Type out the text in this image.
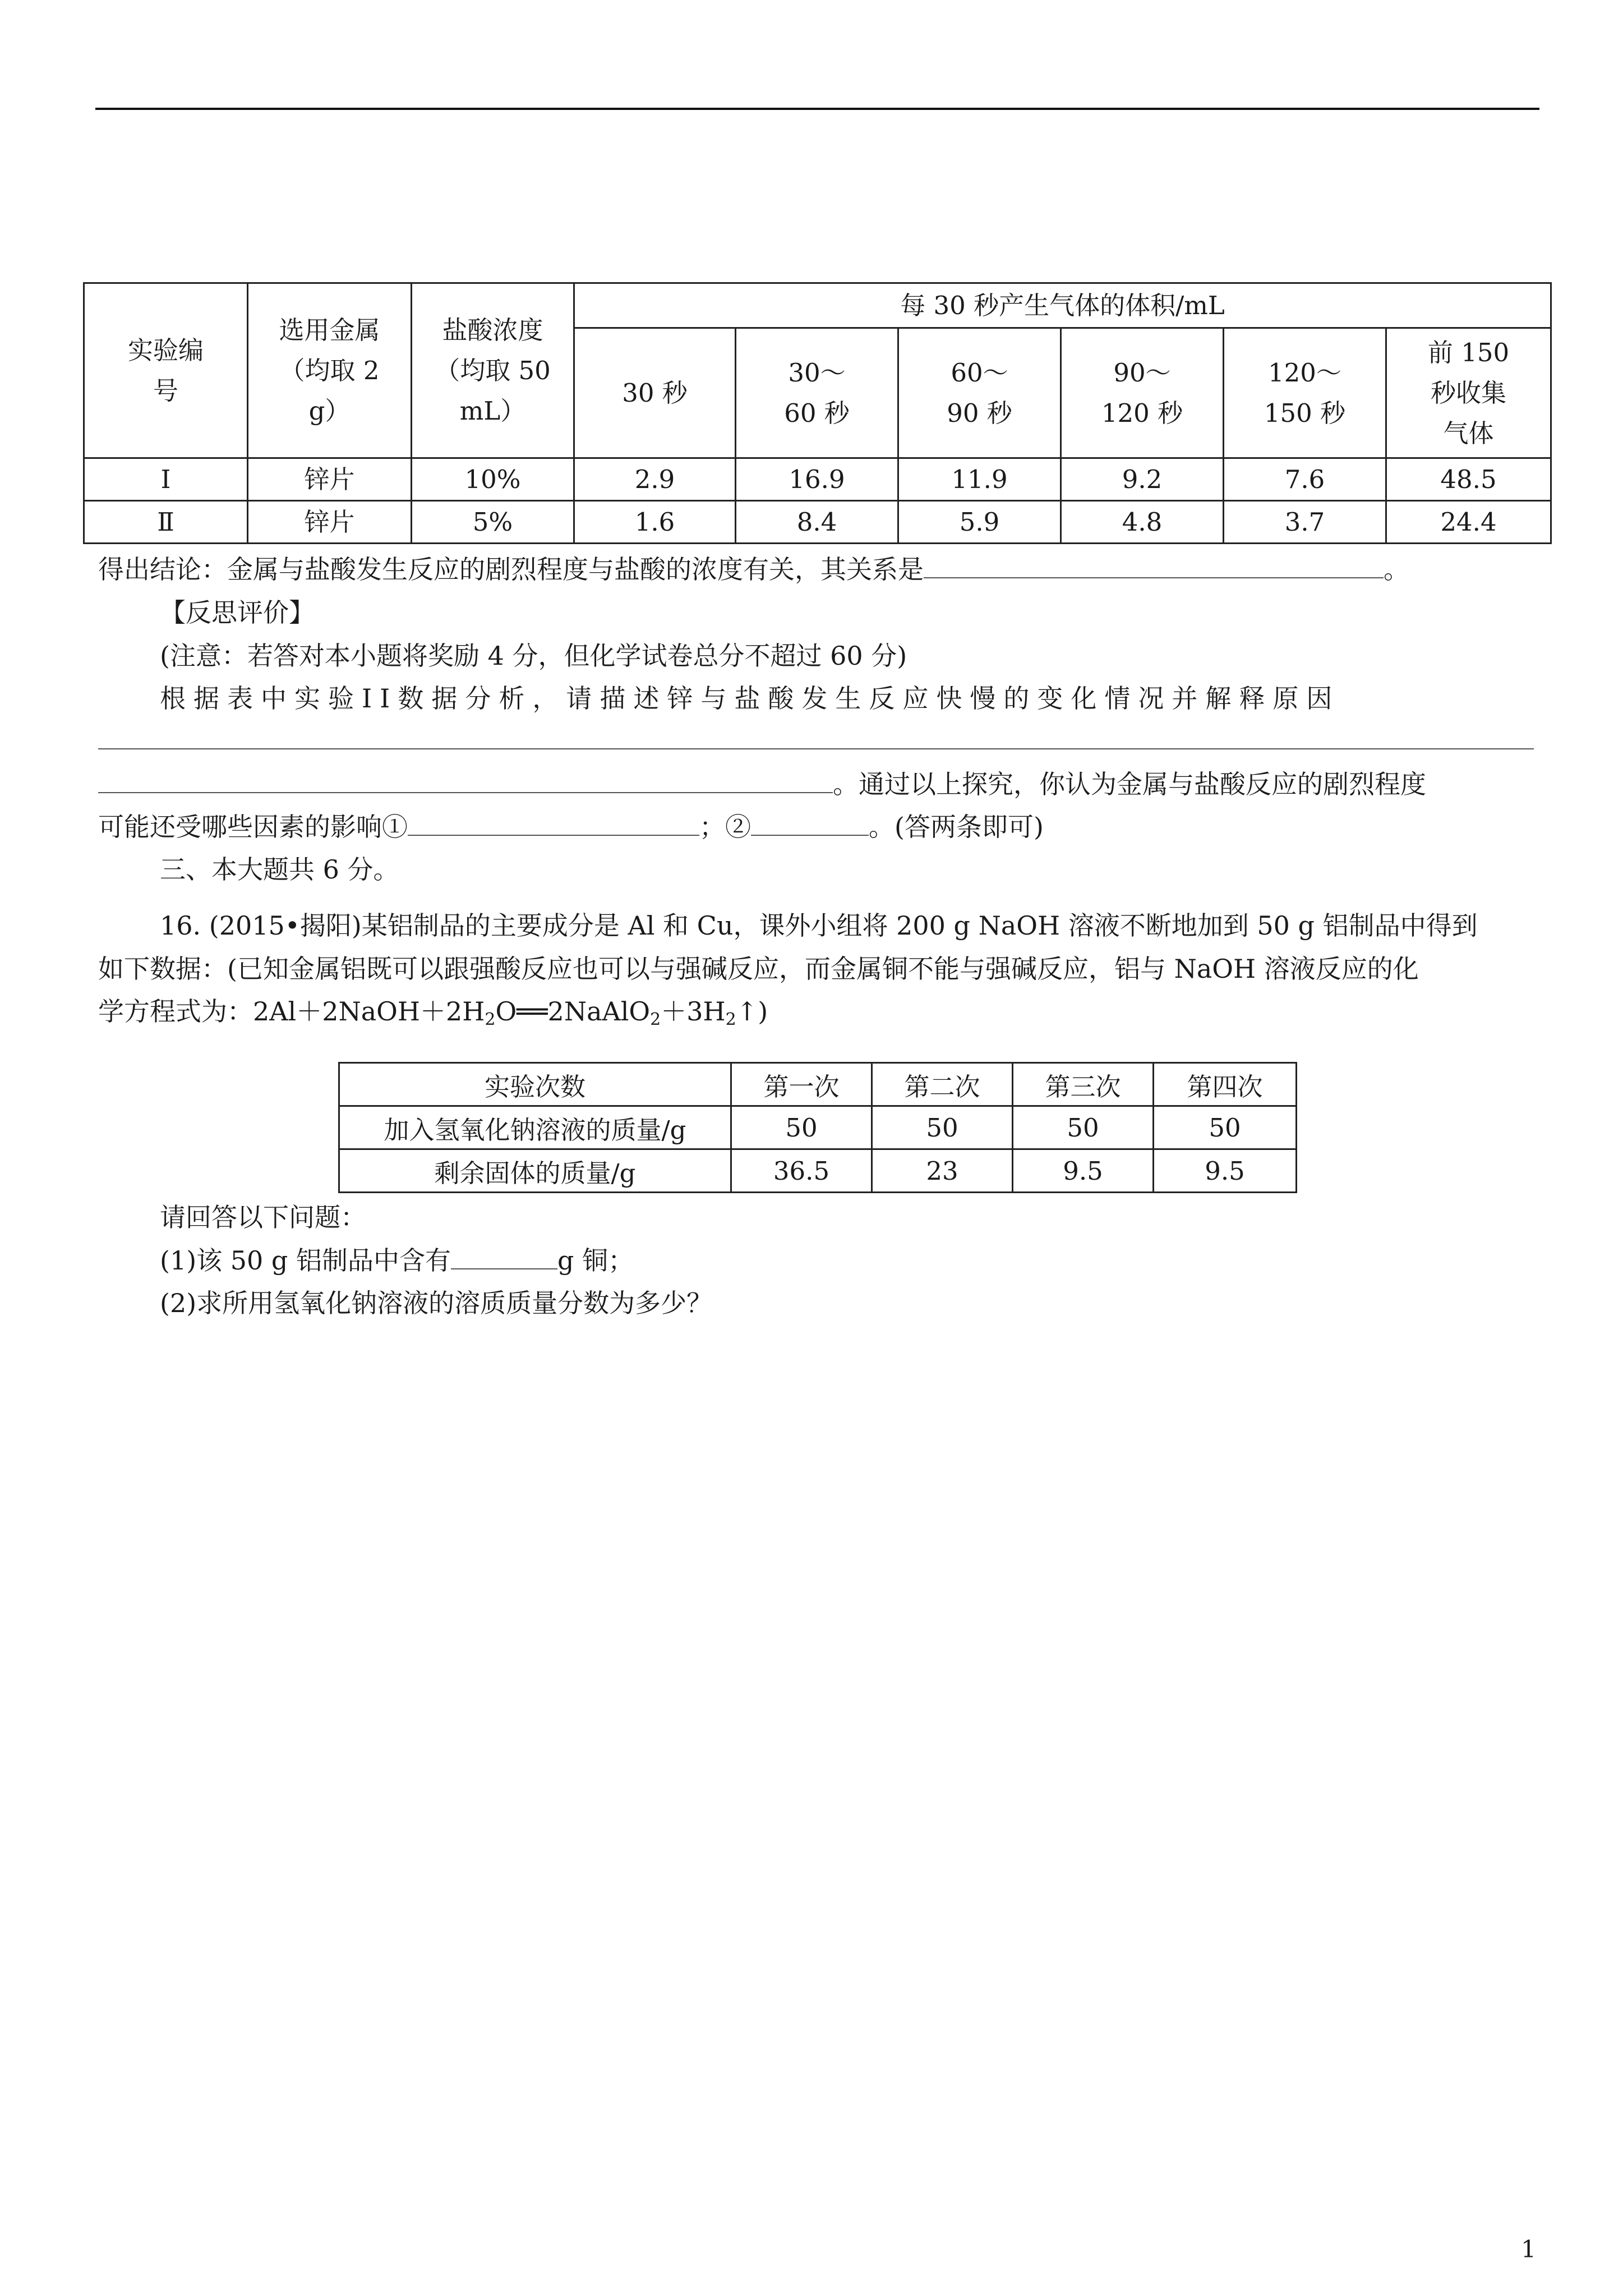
实验编号	选用金属（均取 2 g）	盐酸浓度（均取 50 mL）	每 30 秒产生气体的体积/mL					
			30 秒	30～60 秒	60～90 秒	90～120 秒	120～150 秒	前 150 秒收集气体
Ⅰ	锌片	10%	2.9	16.9	11.9	9.2	7.6	48.5
Ⅱ	锌片	5%	1.6	8.4	5.9	4.8	3.7	24.4
得出结论：金属与盐酸发生反应的剧烈程度与盐酸的浓度有关，其关系是	。
【反思评价】
(注意：若答对本小题将奖励 4 分，但化学试卷总分不超过 60 分)
根据表中实验II数据分析，请描述锌与盐酸发生反应快慢的变化情况并解释原因
。通过以上探究，你认为金属与盐酸反应的剧烈程度
可能还受哪些因素的影响①	；②	。(答两条即可)
三、本大题共 6 分。
16. (2015•揭阳)某铝制品的主要成分是 Al 和 Cu，课外小组将 200 g NaOH 溶液不断地加到 50 g 铝制品中得到
如下数据：(已知金属铝既可以跟强酸反应也可以与强碱反应，而金属铜不能与强碱反应，铝与 NaOH 溶液反应的化
学方程式为：$2Al+2NaOH+2H_2O══2NaAlO_2+3H_2↑$)
实验次数	第一次	第二次	第三次	第四次
加入氢氧化钠溶液的质量/g	50	50	50	50
剩余固体的质量/g	36.5	23	9.5	9.5
请回答以下问题：
(1)该 50 g 铝制品中含有	g 铜；
(2)求所用氢氧化钠溶液的溶质质量分数为多少？
1
